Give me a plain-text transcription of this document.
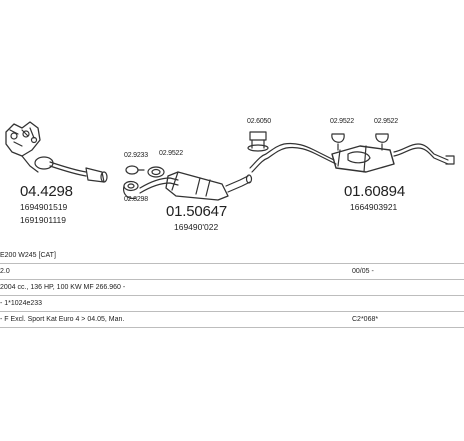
04.4298
1694901519
1691901119	01.50647
169490'022
01.60894
1664903921
02.9233 02.9522
02.8298
02.6050	02.9522	02.9522
E200 W245 [CAT]
2.0	00/05 -
2004 cc., 136 HP, 100 KW MF 266.960 -
- 1*1024e233
- F Excl. Sport Kat Euro 4 > 04.05, Man.	C2*068*
